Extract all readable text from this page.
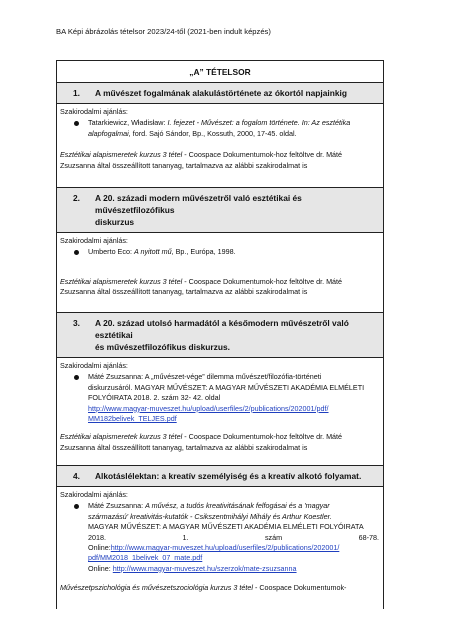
BA Képi ábrázolás tételsor 2023/24-től (2021-ben indult képzés)
„A” TÉTELSOR
1.	A művészet fogalmának alakulástörténete az ókortól napjainkig
Szakirodalmi ajánlás:
Tatarkiewicz, Władisław: I. fejezet - Művészet: a fogalom története. In: Az esztétika alapfogalmai, ford. Sajó Sándor, Bp., Kossuth, 2000, 17-45. oldal.
Esztétikai alapismeretek kurzus 3 tétel - Coospace Dokumentumok-hoz feltöltve dr. Máté Zsuzsanna által összeállított tananyag, tartalmazva az alábbi szakirodalmat is
2.	A 20. századi modern művészetről való esztétikai és művészetfilozófikus
diskurzus
Szakirodalmi ajánlás:
Umberto Eco: A nyitott mű, Bp., Európa, 1998.
Esztétikai alapismeretek kurzus 3 tétel - Coospace Dokumentumok-hoz feltöltve dr. Máté Zsuzsanna által összeállított tananyag, tartalmazva az alábbi szakirodalmat is
3.	A 20. század utolsó harmadától a későmodern művészetről való esztétikai
és művészetfilozófikus diskurzus.
Szakirodalmi ajánlás:
Máté Zsuzsanna: A „művészet-vége” dilemma művészet/filozófia-történeti
diskurzusáról. MAGYAR MŰVÉSZET: A MAGYAR MŰVÉSZETI AKADÉMIA ELMÉLETI
FOLYÓIRATA 2018. 2. szám 32- 42. oldal
http://www.magyar-muveszet.hu/upload/userfiles/2/publications/202001/pdf/
MM182belivek_TELJES.pdf
Esztétikai alapismeretek kurzus 3 tétel - Coospace Dokumentumok-hoz feltöltve dr. Máté Zsuzsanna által összeállított tananyag, tartalmazva az alábbi szakirodalmat is
4.	Alkotáslélektan: a kreatív személyiség és a kreatív alkotó folyamat.
Szakirodalmi ajánlás:
Máté Zsuzsanna: A művész, a tudós kreativitásának felfogásai és a 'magyar
származású' kreativitás-kutatók - Csikszentmihályi Mihály és Arthur Koestler.
MAGYAR MŰVÉSZET: A MAGYAR MŰVÉSZETI AKADÉMIA ELMÉLETI FOLYÓIRATA
2018.	1.	szám	68-78.
Online:http://www.magyar-muveszet.hu/upload/userfiles/2/publications/202001/
pdf/MM2018_1belivek_07_mate.pdf
Online: http://www.magyar-muveszet.hu/szerzok/mate-zsuzsanna
Művészetpszichológia és művészetszociológia kurzus 3 tétel - Coospace Dokumentumok-
